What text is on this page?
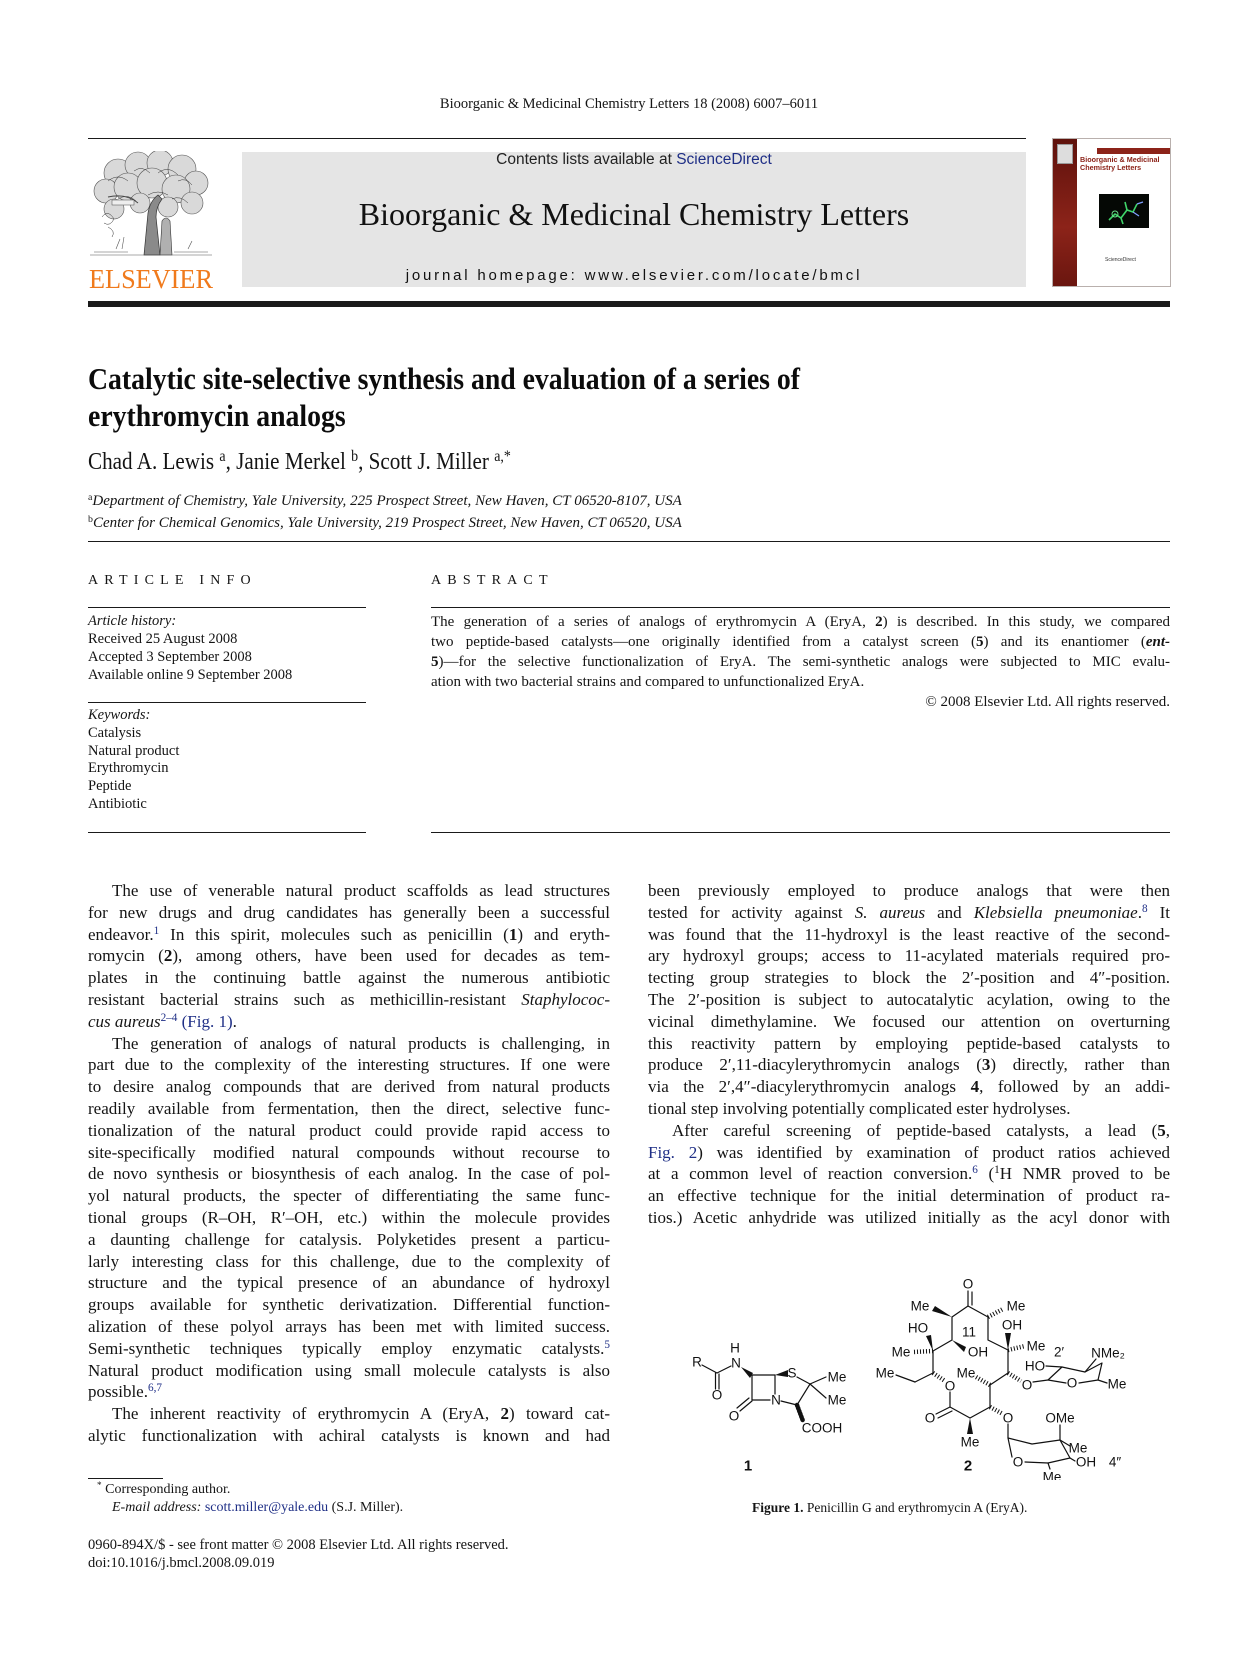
Bioorganic & Medicinal Chemistry Letters 18 (2008) 6007–6011
ELSEVIER
Contents lists available at ScienceDirect
Bioorganic & Medicinal Chemistry Letters
journal homepage: www.elsevier.com/locate/bmcl
Bioorganic & Medicinal
Chemistry Letters
ScienceDirect
Catalytic site-selective synthesis and evaluation of a series of
erythromycin analogs
Chad A. Lewis $^a$, Janie Merkel $^b$, Scott J. Miller $^{a,*}$
$^a$Department of Chemistry, Yale University, 225 Prospect Street, New Haven, CT 06520-8107, USA
$^b$Center for Chemical Genomics, Yale University, 219 Prospect Street, New Haven, CT 06520, USA
ARTICLE INFO
Article history:
Received 25 August 2008
Accepted 3 September 2008
Available online 9 September 2008
Keywords:
Catalysis
Natural product
Erythromycin
Peptide
Antibiotic
ABSTRACT
The generation of a series of analogs of erythromycin A (EryA, 2) is described. In this study, we compared
two peptide-based catalysts—one originally identified from a catalyst screen (5) and its enantiomer (ent-
5)—for the selective functionalization of EryA. The semi-synthetic analogs were subjected to MIC evalu-
ation with two bacterial strains and compared to unfunctionalized EryA.
© 2008 Elsevier Ltd. All rights reserved.
The use of venerable natural product scaffolds as lead structures
for new drugs and drug candidates has generally been a successful
endeavor.$^1$ In this spirit, molecules such as penicillin (1) and eryth-
romycin (2), among others, have been used for decades as tem-
plates in the continuing battle against the numerous antibiotic
resistant bacterial strains such as methicillin-resistant Staphylococ-
cus aureus$^{2-4}$ (Fig. 1).
The generation of analogs of natural products is challenging, in
part due to the complexity of the interesting structures. If one were
to desire analog compounds that are derived from natural products
readily available from fermentation, then the direct, selective func-
tionalization of the natural product could provide rapid access to
site-specifically modified natural compounds without recourse to
de novo synthesis or biosynthesis of each analog. In the case of pol-
yol natural products, the specter of differentiating the same func-
tional groups (R–OH, R′–OH, etc.) within the molecule provides
a daunting challenge for catalysis. Polyketides present a particu-
larly interesting class for this challenge, due to the complexity of
structure and the typical presence of an abundance of hydroxyl
groups available for synthetic derivatization. Differential function-
alization of these polyol arrays has been met with limited success.
Semi-synthetic techniques typically employ enzymatic catalysts.$^5$
Natural product modification using small molecule catalysts is also
possible.$^{6,7}$
The inherent reactivity of erythromycin A (EryA, 2) toward cat-
alytic functionalization with achiral catalysts is known and had
been previously employed to produce analogs that were then
tested for activity against S. aureus and Klebsiella pneumoniae.$^8$ It
was found that the 11-hydroxyl is the least reactive of the second-
ary hydroxyl groups; access to 11-acylated materials required pro-
tecting group strategies to block the 2′-position and 4″-position.
The 2′-position is subject to autocatalytic acylation, owing to the
vicinal dimethylamine. We focused our attention on overturning
this reactivity pattern by employing peptide-based catalysts to
produce 2′,11-diacylerythromycin analogs (3) directly, rather than
via the 2′,4″-diacylerythromycin analogs 4, followed by an addi-
tional step involving potentially complicated ester hydrolyses.
After careful screening of peptide-based catalysts, a lead (5,
Fig. 2) was identified by examination of product ratios achieved
at a common level of reaction conversion.$^6$ ($^1$H NMR proved to be
an effective technique for the initial determination of product ra-
tios.) Acetic anhydride was utilized initially as the acyl donor with
R
H
N
O
O
N
S Me
Me
COOH
O
Me	Me
HO	11 OH
Me	OH	Me 2′ NMe₂
Me	Me	HO
O	O	O Me
O	O OMe
Me	Me
OH 4″
O
Me
1	2
Figure 1. Penicillin G and erythromycin A (EryA).
* Corresponding author.
E-mail address: scott.miller@yale.edu (S.J. Miller).
0960-894X/$ - see front matter © 2008 Elsevier Ltd. All rights reserved.
doi:10.1016/j.bmcl.2008.09.019
